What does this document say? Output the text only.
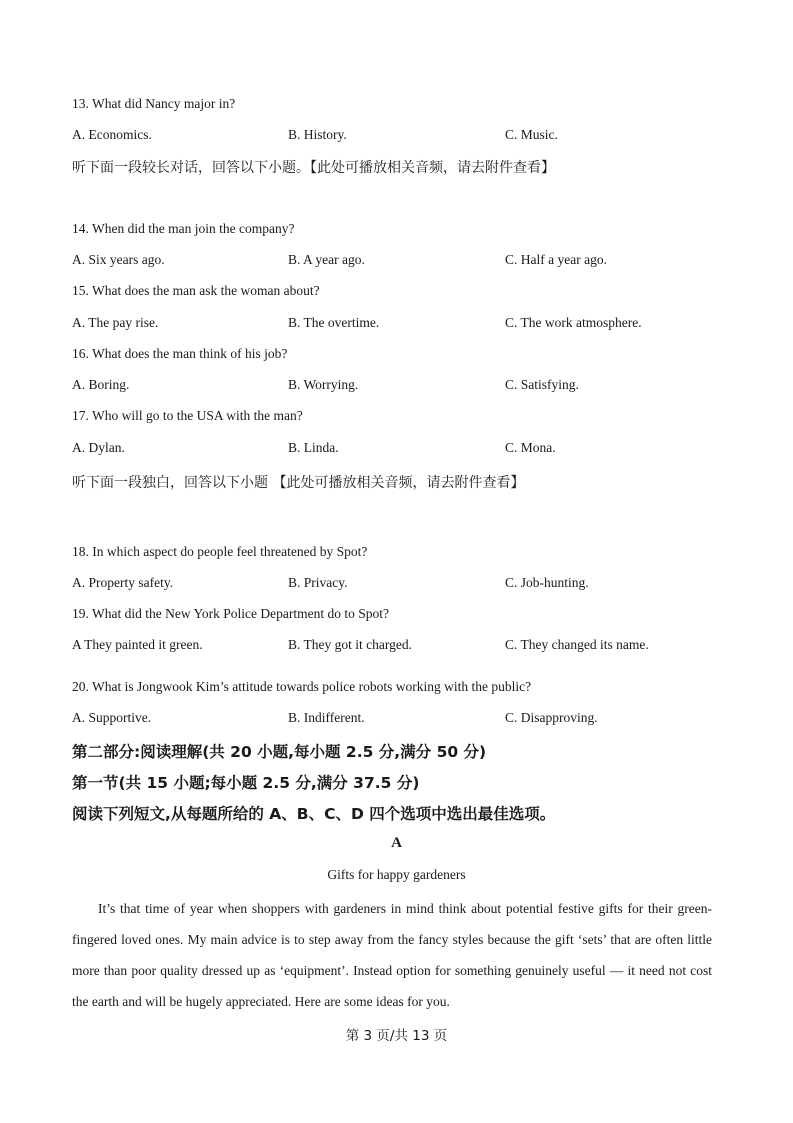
13. What did Nancy major in?
A. Economics.	B. History.	C. Music.
听下面一段较长对话，回答以下小题。【此处可播放相关音频，请去附件查看】
14. When did the man join the company?
A. Six years ago.	B. A year ago.	C. Half a year ago.
15. What does the man ask the woman about?
A. The pay rise.	B. The overtime.	C. The work atmosphere.
16. What does the man think of his job?
A. Boring.	B. Worrying.	C. Satisfying.
17. Who will go to the USA with the man?
A. Dylan.	B. Linda.	C. Mona.
听下面一段独白，回答以下小题 【此处可播放相关音频，请去附件查看】
18. In which aspect do people feel threatened by Spot?
A. Property safety.	B. Privacy.	C. Job-hunting.
19. What did the New York Police Department do to Spot?
A They painted it green.	B. They got it charged.	C. They changed its name.
20. What is Jongwook Kim’s attitude towards police robots working with the public?
A. Supportive.	B. Indifferent.	C. Disapproving.
第二部分:阅读理解(共 20 小题,每小题 2.5 分,满分 50 分)
第一节(共 15 小题;每小题 2.5 分,满分 37.5 分)
阅读下列短文,从每题所给的 A、B、C、D 四个选项中选出最佳选项。
A
Gifts for happy gardeners
It’s that time of year when shoppers with gardeners in mind think about potential festive gifts for their green-fingered loved ones. My main advice is to step away from the fancy styles because the gift ‘sets’ that are often little more than poor quality dressed up as ‘equipment’. Instead option for something genuinely useful — it need not cost the earth and will be hugely appreciated. Here are some ideas for you.
第 3 页/共 13 页
